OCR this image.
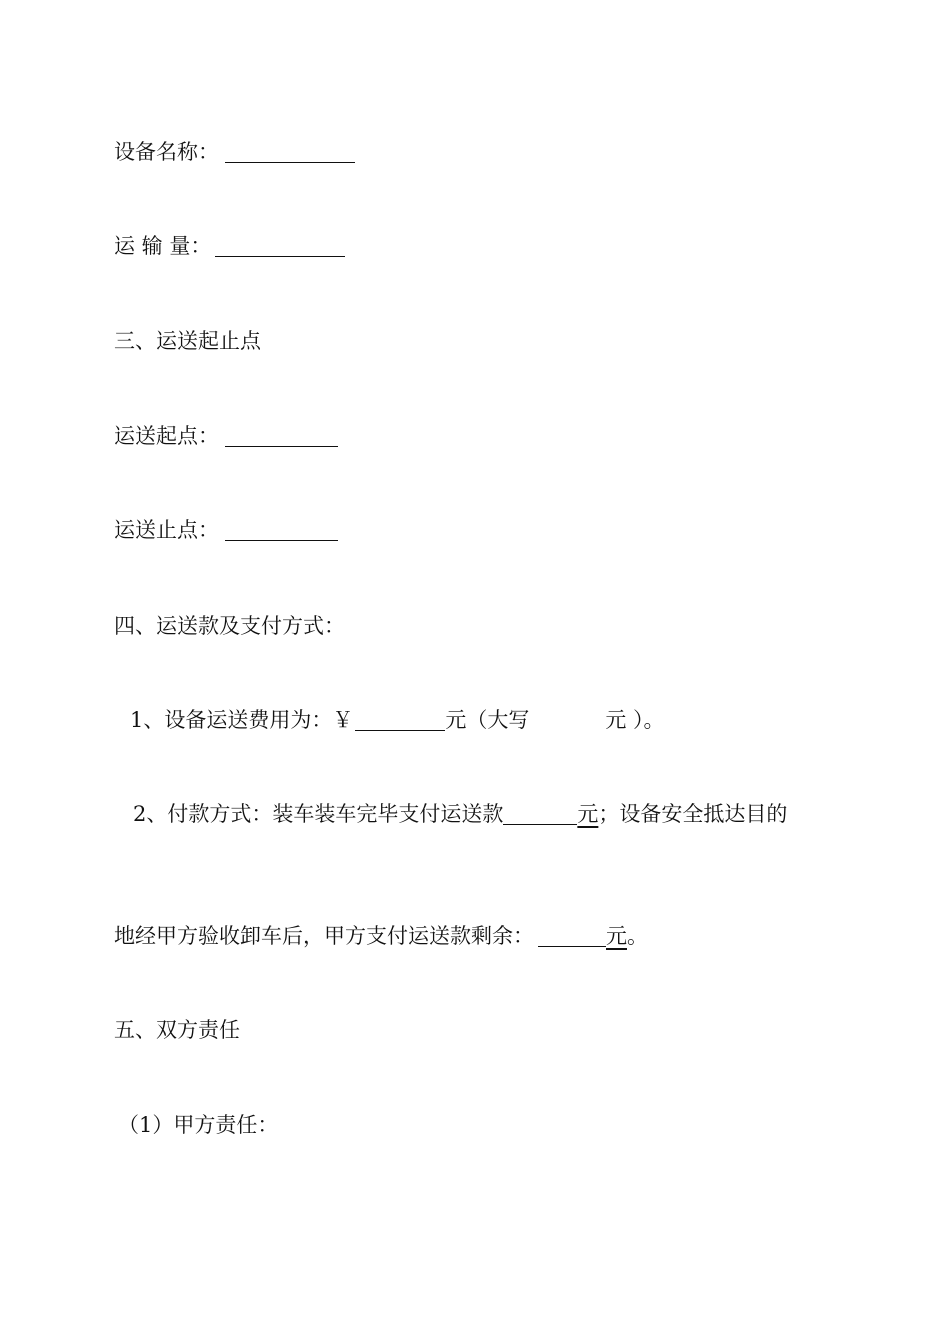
设备名称：
运 输 量：
三、运送起止点
运送起点：
运送止点：
四、运送款及支付方式：
1、设备运送费用为：￥	元（大写	元 ）。
2、付款方式：装车装车完毕支付运送款	元；设备安全抵达目的
地经甲方验收卸车后，甲方支付运送款剩余：	元。
五、双方责任
（1）甲方责任：
